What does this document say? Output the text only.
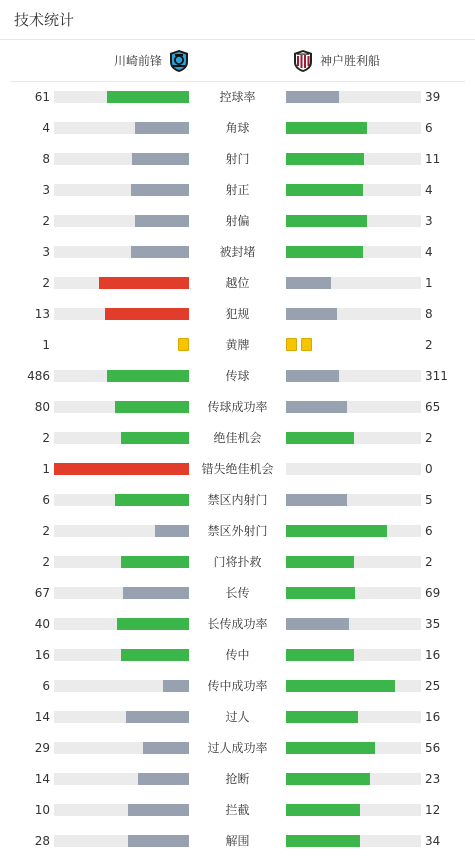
技术统计
川崎前锋	神户胜利船
61	控球率	39
4	角球	6
8	射门	11
3	射正	4
2	射偏	3
3	被封堵	4
2	越位	1
13	犯规	8
1	黄牌	2
486	传球	311
80	传球成功率	65
2	绝佳机会	2
1	错失绝佳机会	0
6	禁区内射门	5
2	禁区外射门	6
2	门将扑救	2
67	长传	69
40	长传成功率	35
16	传中	16
6	传中成功率	25
14	过人	16
29	过人成功率	56
14	抢断	23
10	拦截	12
28	解围	34
